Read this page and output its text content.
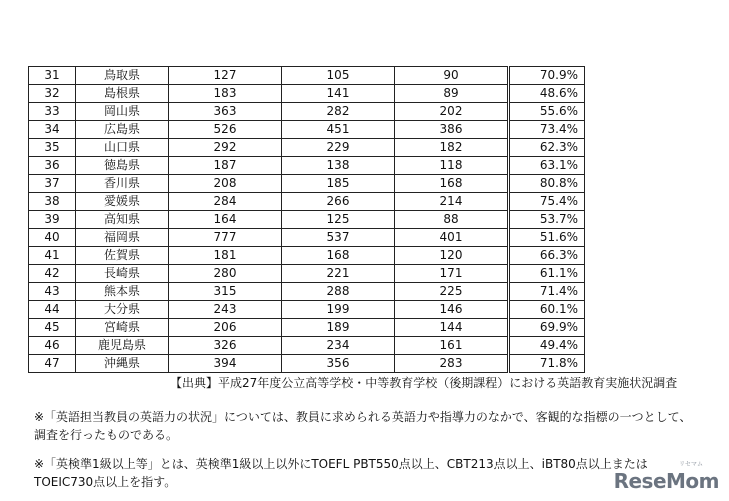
31	鳥取県	127	105	90	70.9%
32	島根県	183	141	89	48.6%
33	岡山県	363	282	202	55.6%
34	広島県	526	451	386	73.4%
35	山口県	292	229	182	62.3%
36	徳島県	187	138	118	63.1%
37	香川県	208	185	168	80.8%
38	愛媛県	284	266	214	75.4%
39	高知県	164	125	88	53.7%
40	福岡県	777	537	401	51.6%
41	佐賀県	181	168	120	66.3%
42	長崎県	280	221	171	61.1%
43	熊本県	315	288	225	71.4%
44	大分県	243	199	146	60.1%
45	宮崎県	206	189	144	69.9%
46	鹿児島県	326	234	161	49.4%
47	沖縄県	394	356	283	71.8%
【出典】平成27年度公立高等学校・中等教育学校（後期課程）における英語教育実施状況調査
※「英語担当教員の英語力の状況」については、教員に求められる英語力や指導力のなかで、客観的な指標の一つとして、調査を行ったものである。
※「英検準1級以上等」とは、英検準1級以上以外にTOEFL PBT550点以上、CBT213点以上、iBT80点以上またはTOEIC730点以上を指す。
リセマム
ReseMom
